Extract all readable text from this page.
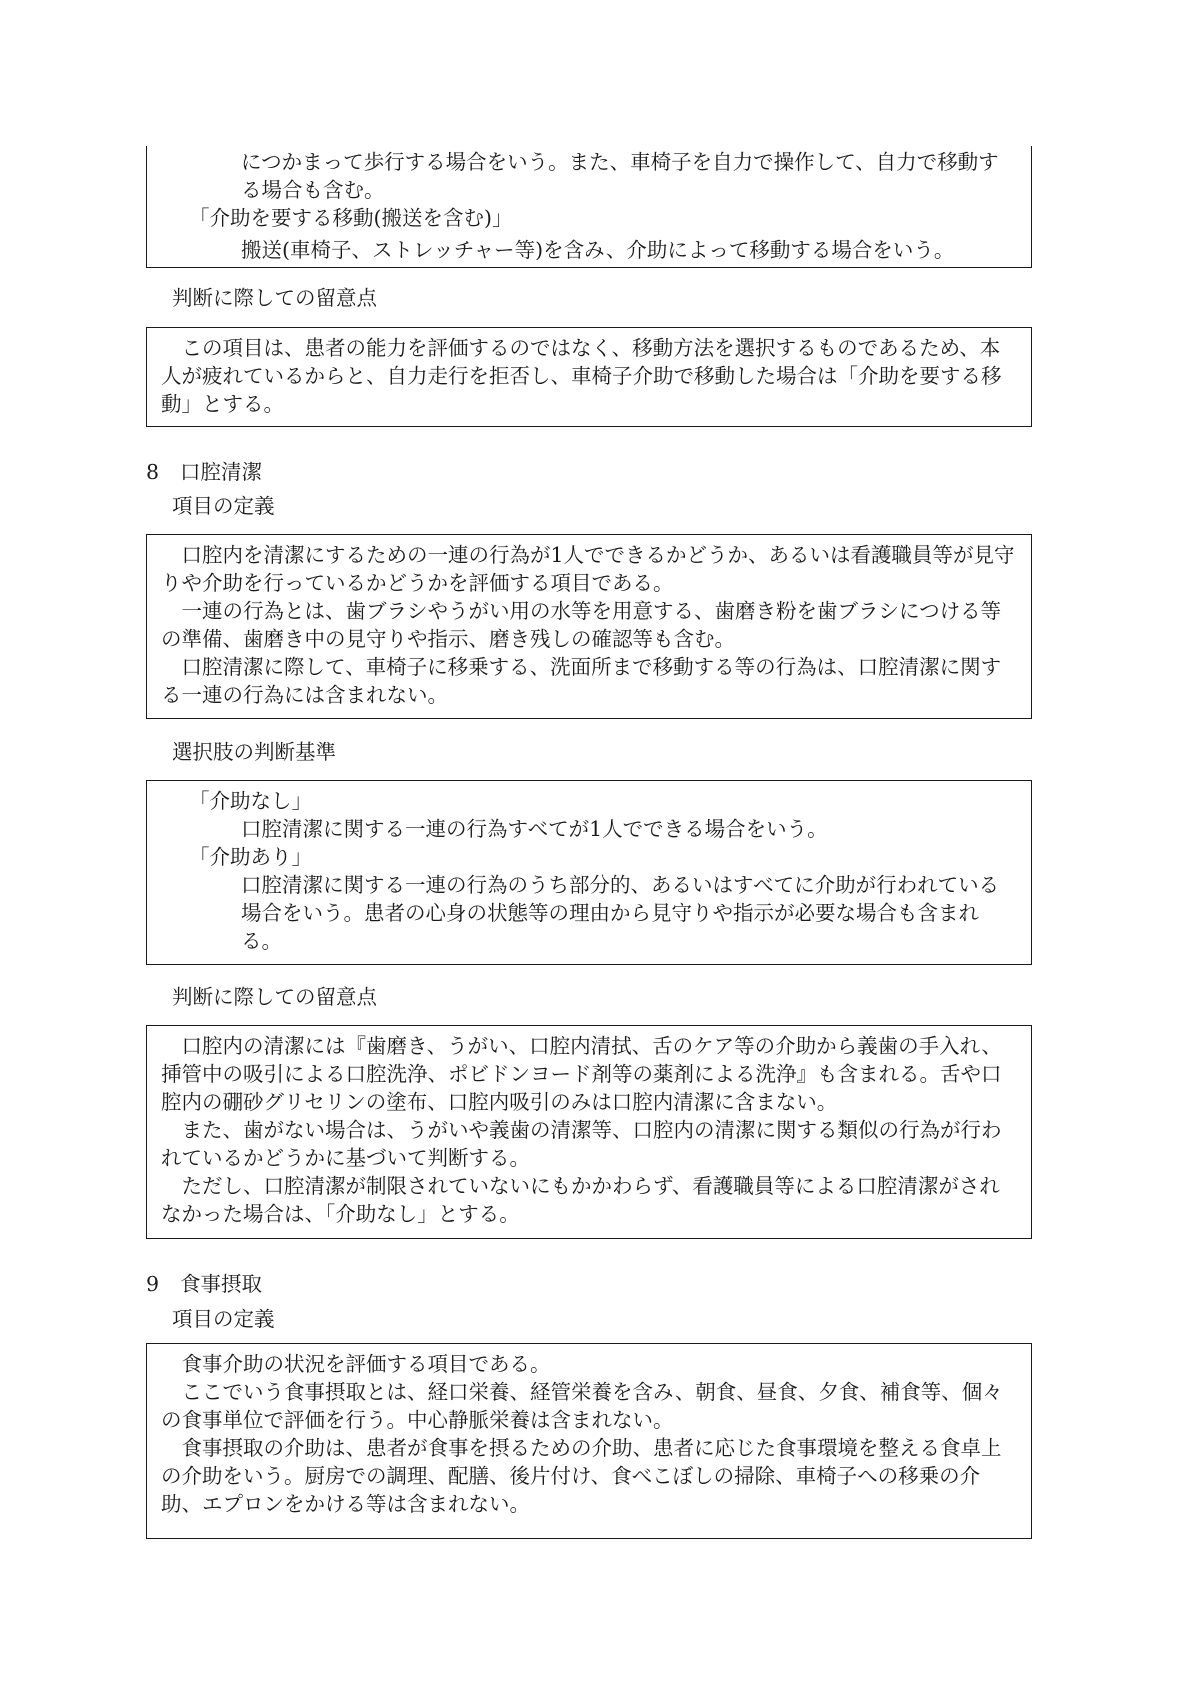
につかまって歩行する場合をいう。また、車椅子を自力で操作して、自力で移動す

る場合も含む。

「介助を要する移動(搬送を含む)」

搬送(車椅子、ストレッチャー等)を含み、介助によって移動する場合をいう。

判断に際しての留意点

この項目は、患者の能力を評価するのではなく、移動方法を選択するものであるため、本人が疲れているからと、自力走行を拒否し、車椅子介助で移動した場合は「介助を要する移動」とする。

8 口腔清潔
項目の定義

口腔内を清潔にするための一連の行為が1人でできるかどうか、あるいは看護職員等が見守りや介助を行っているかどうかを評価する項目である。

一連の行為とは、歯ブラシやうがい用の水等を用意する、歯磨き粉を歯ブラシにつける等の準備、歯磨き中の見守りや指示、磨き残しの確認等も含む。

口腔清潔に際して、車椅子に移乗する、洗面所まで移動する等の行為は、口腔清潔に関する一連の行為には含まれない。

選択肢の判断基準

「介助なし」

口腔清潔に関する一連の行為すべてが1人でできる場合をいう。

「介助あり」

口腔清潔に関する一連の行為のうち部分的、あるいはすべてに介助が行われている場合をいう。患者の心身の状態等の理由から見守りや指示が必要な場合も含まれる。

判断に際しての留意点

口腔内の清潔には『歯磨き、うがい、口腔内清拭、舌のケア等の介助から義歯の手入れ、挿管中の吸引による口腔洗浄、ポビドンヨード剤等の薬剤による洗浄』も含まれる。舌や口腔内の硼砂グリセリンの塗布、口腔内吸引のみは口腔内清潔に含まない。

また、歯がない場合は、うがいや義歯の清潔等、口腔内の清潔に関する類似の行為が行われているかどうかに基づいて判断する。

ただし、口腔清潔が制限されていないにもかかわらず、看護職員等による口腔清潔がされなかった場合は、「介助なし」とする。

9 食事摂取
項目の定義

食事介助の状況を評価する項目である。

ここでいう食事摂取とは、経口栄養、経管栄養を含み、朝食、昼食、夕食、補食等、個々の食事単位で評価を行う。中心静脈栄養は含まれない。

食事摂取の介助は、患者が食事を摂るための介助、患者に応じた食事環境を整える食卓上の介助をいう。厨房での調理、配膳、後片付け、食べこぼしの掃除、車椅子への移乗の介助、エプロンをかける等は含まれない。
